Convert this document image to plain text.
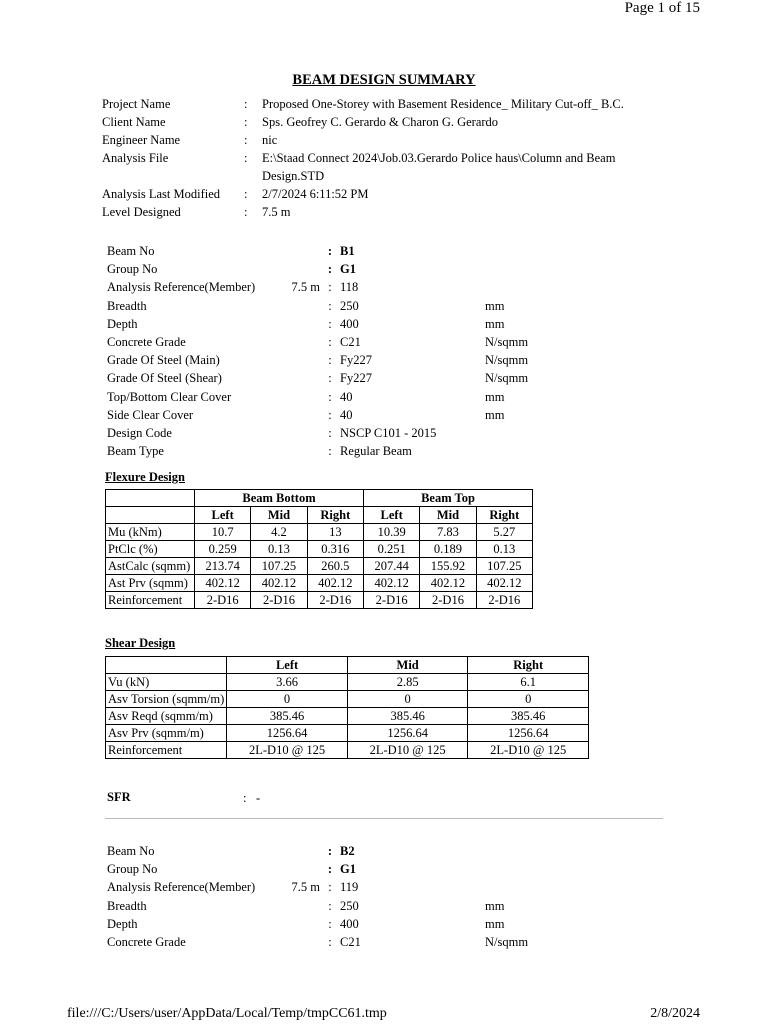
Page 1 of 15
BEAM DESIGN SUMMARY
Project Name	:	Proposed One-Storey with Basement Residence_ Military Cut-off_ B.C.
Client Name	:	Sps. Geofrey C. Gerardo & Charon G. Gerardo
Engineer Name	:	nic
Analysis File	:	E:\Staad Connect 2024\Job.03.Gerardo Police haus\Column and Beam Design.STD
Analysis Last Modified	:	2/7/2024 6:11:52 PM
Level Designed	:	7.5 m
Beam No	: B1
Group No	: G1
Analysis Reference(Member)	7.5 m : 118
Breadth	: 250	mm
Depth	: 400	mm
Concrete Grade	: C21	N/sqmm
Grade Of Steel (Main)	: Fy227	N/sqmm
Grade Of Steel (Shear)	: Fy227	N/sqmm
Top/Bottom Clear Cover	: 40	mm
Side Clear Cover	: 40	mm
Design Code	: NSCP C101 - 2015
Beam Type	: Regular Beam
Flexure Design
	Beam Bottom			Beam Top		
	Left	Mid	Right	Left	Mid	Right
Mu (kNm)	10.7	4.2	13	10.39	7.83	5.27
PtClc (%)	0.259	0.13	0.316	0.251	0.189	0.13
AstCalc (sqmm)	213.74	107.25	260.5	207.44	155.92	107.25
Ast Prv (sqmm)	402.12	402.12	402.12	402.12	402.12	402.12
Reinforcement	2-D16	2-D16	2-D16	2-D16	2-D16	2-D16
Shear Design
	Left	Mid	Right
Vu (kN)	3.66	2.85	6.1
Asv Torsion (sqmm/m)	0	0	0
Asv Reqd (sqmm/m)	385.46	385.46	385.46
Asv Prv (sqmm/m)	1256.64	1256.64	1256.64
Reinforcement	2L-D10 @ 125	2L-D10 @ 125	2L-D10 @ 125
SFR	: -
Beam No	: B2
Group No	: G1
Analysis Reference(Member)	7.5 m : 119
Breadth	: 250	mm
Depth	: 400	mm
Concrete Grade	: C21	N/sqmm
file:///C:/Users/user/AppData/Local/Temp/tmpCC61.tmp	2/8/2024
